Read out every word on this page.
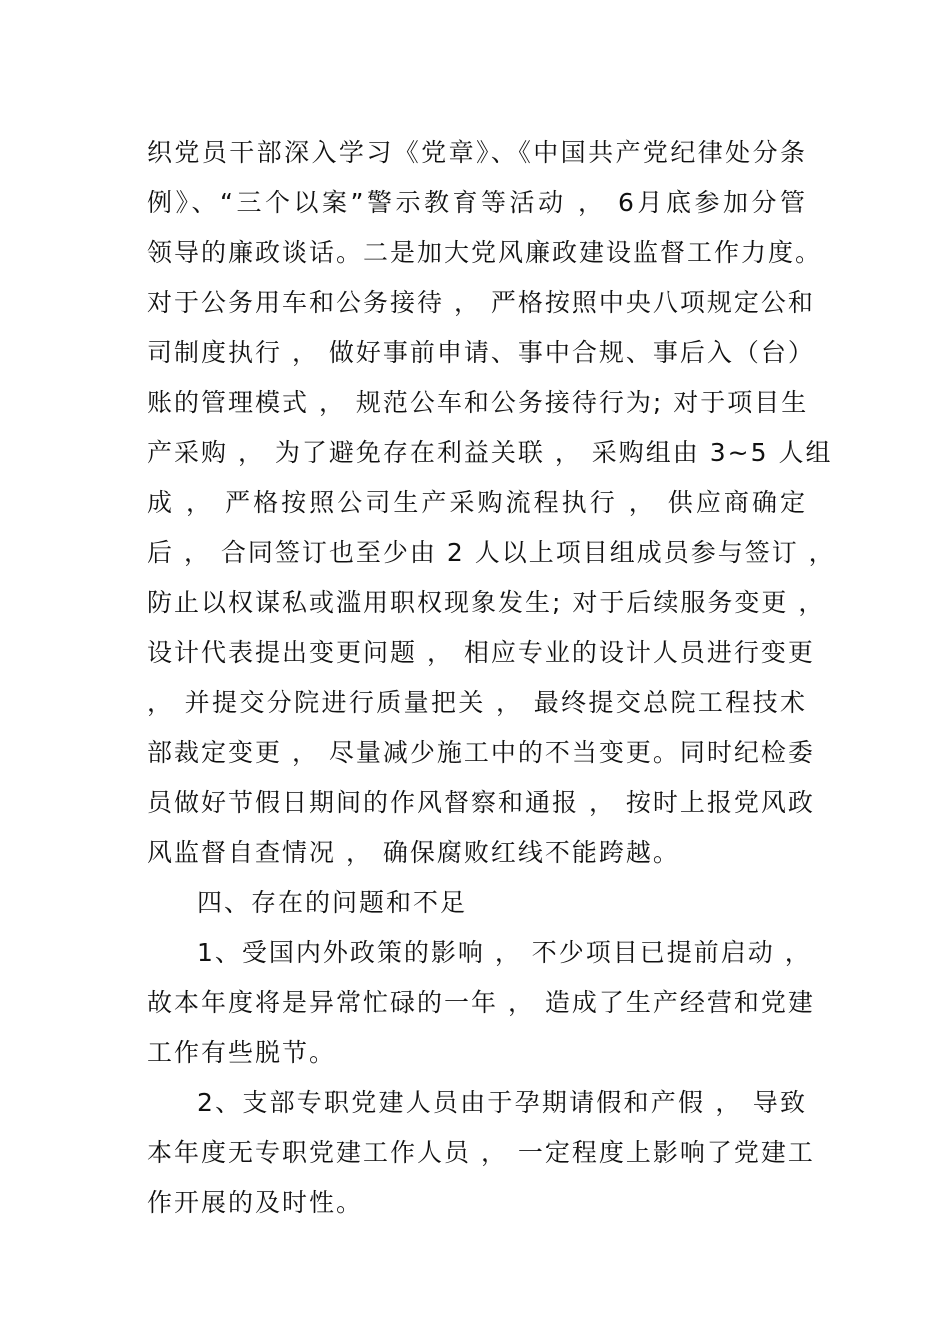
织党员干部深入学习《党章》、《中国共产党纪律处分条
例》、“三个以案”警示教育等活动 ， 6月底参加分管
领导的廉政谈话。二是加大党风廉政建设监督工作力度。
对于公务用车和公务接待 ， 严格按照中央八项规定公和
司制度执行 ， 做好事前申请、事中合规、事后入（台）
账的管理模式 ， 规范公车和公务接待行为; 对于项目生
产采购 ， 为了避免存在利益关联 ， 采购组由 3~5 人组
成 ， 严格按照公司生产采购流程执行 ， 供应商确定
后 ， 合同签订也至少由 2 人以上项目组成员参与签订 ，
防止以权谋私或滥用职权现象发生; 对于后续服务变更 ，
设计代表提出变更问题 ， 相应专业的设计人员进行变更
， 并提交分院进行质量把关 ， 最终提交总院工程技术
部裁定变更 ， 尽量减少施工中的不当变更。同时纪检委
员做好节假日期间的作风督察和通报 ， 按时上报党风政
风监督自查情况 ， 确保腐败红线不能跨越。
四、存在的问题和不足
1、受国内外政策的影响 ， 不少项目已提前启动 ，
故本年度将是异常忙碌的一年 ， 造成了生产经营和党建
工作有些脱节。
2、支部专职党建人员由于孕期请假和产假 ， 导致
本年度无专职党建工作人员 ， 一定程度上影响了党建工
作开展的及时性。
